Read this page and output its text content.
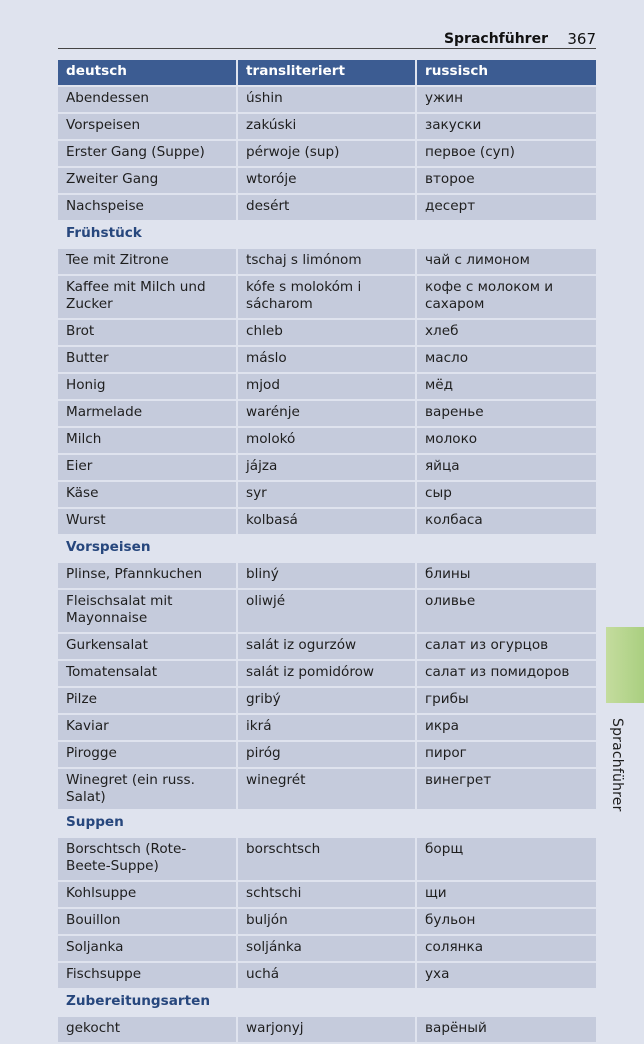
Sprachführer 367
deutsch	transliteriert	russisch
Abendessen	úshin	ужин
Vorspeisen	zakúski	закуски
Erster Gang (Suppe)	pérwoje (sup)	первое (суп)
Zweiter Gang	wtoróje	второе
Nachspeise	desért	десерт
Frühstück		
Tee mit Zitrone	tschaj s limónom	чай с лимоном
Kaffee mit Milch und Zucker	kófe s molokóm i sácharom	кофе с молоком и сахаром
Brot	chleb	хлеб
Butter	máslo	масло
Honig	mjod	мёд
Marmelade	warénje	варенье
Milch	molokó	молоко
Eier	jájza	яйца
Käse	syr	сыр
Wurst	kolbasá	колбаса
Vorspeisen		
Plinse, Pfannkuchen	bliný	блины
Fleischsalat mit Mayonnaise	oliwjé	оливье
Gurkensalat	salát iz ogurzów	салат из огурцов
Tomatensalat	salát iz pomidórow	салат из помидоров
Pilze	gribý	грибы
Kaviar	ikrá	икра
Pirogge	piróg	пирог
Winegret (ein russ. Salat)	winegrét	винегрет
Suppen		
Borschtsch (Rote-Beete-Suppe)	borschtsch	борщ
Kohlsuppe	schtschi	щи
Bouillon	buljón	бульон
Soljanka	soljánka	солянка
Fischsuppe	uchá	уха
Zubereitungsarten		
gekocht	warjonyj	варёный
Sprachführer
